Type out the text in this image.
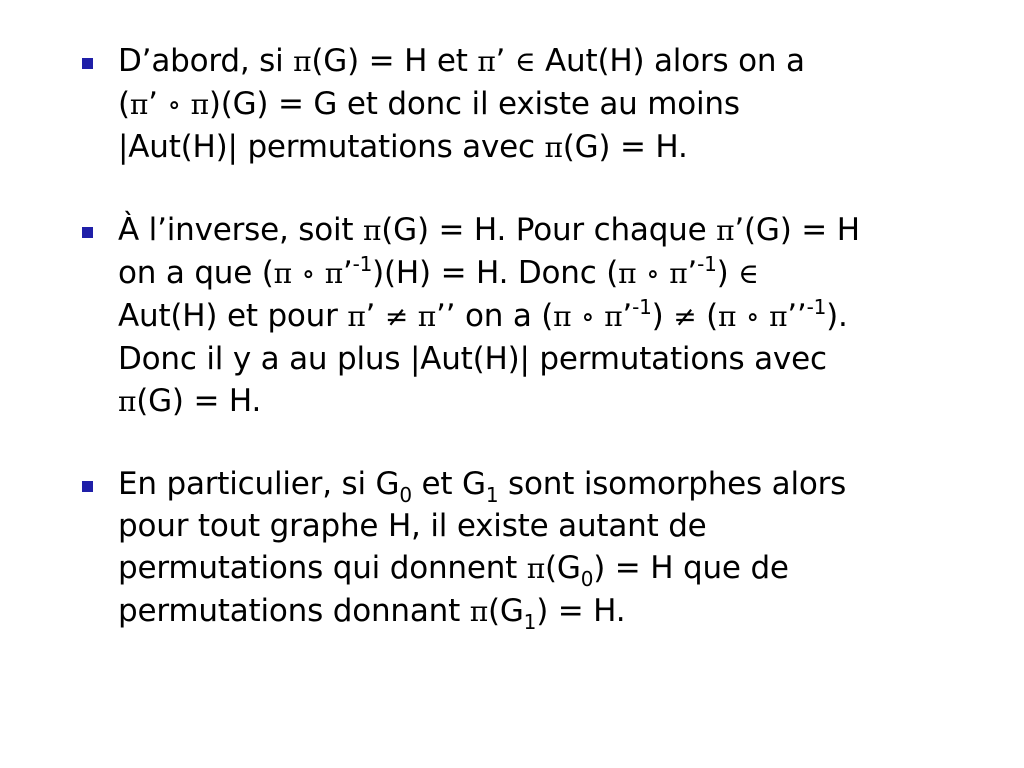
D’abord, si π(G) = H et π’ ∈ Aut(H) alors on a
(π’ ∘ π)(G) = G et donc il existe au moins
|Aut(H)| permutations avec π(G) = H.
À l’inverse, soit π(G) = H. Pour chaque π’(G) = H
on a que (π ∘ π’$^{-1}$)(H) = H. Donc (π ∘ π’$^{-1}$) ∈
Aut(H) et pour π’ ≠ π’’ on a (π ∘ π’$^{-1}$) ≠ (π ∘ π’’$^{-1}$).
Donc il y a au plus |Aut(H)| permutations avec
π(G) = H.
En particulier, si $G_0$ et $G_1$ sont isomorphes alors
pour tout graphe H, il existe autant de
permutations qui donnent $\pi(G_0) = H$ que de
permutations donnant $\pi(G_1) = H$.
